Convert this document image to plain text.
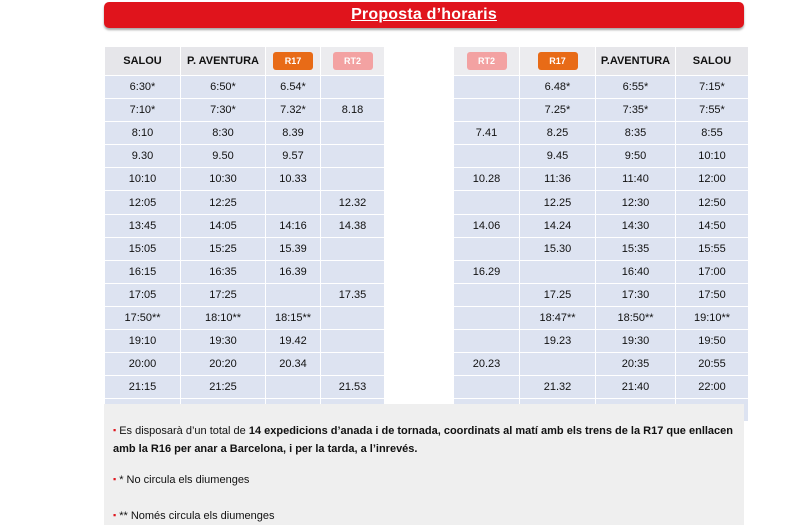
Proposta d’horaris
SALOU	P. AVENTURA	R17	RT2
6:30*	6:50*	6.54*	
7:10*	7:30*	7.32*	8.18
8:10	8:30	8.39	
9.30	9.50	9.57	
10:10	10:30	10.33	
12:05	12:25		12.32
13:45	14:05	14:16	14.38
15:05	15:25	15.39	
16:15	16:35	16.39	
17:05	17:25		17.35
17:50**	18:10**	18:15**	
19:10	19:30	19.42	
20:00	20:20	20.34	
21:15	21:25		21.53

RT2	R17	P.AVENTURA	SALOU
	6.48*	6:55*	7:15*
	7.25*	7:35*	7:55*
7.41	8.25	8:35	8:55
	9.45	9:50	10:10
10.28	11:36	11:40	12:00
	12.25	12:30	12:50
14.06	14.24	14:30	14:50
	15.30	15:35	15:55
16.29		16:40	17:00
	17.25	17:30	17:50
	18:47**	18:50**	19:10**
	19.23	19:30	19:50
20.23		20:35	20:55
	21.32	21:40	22:00

▪ Es disposarà d’un total de 14 expedicions d’anada i de tornada, coordinats al matí amb els trens de la R17 que enllacen amb la R16 per anar a Barcelona, i per la tarda, a l’inrevés.
▪ * No circula els diumenges
▪ ** Només circula els diumenges
